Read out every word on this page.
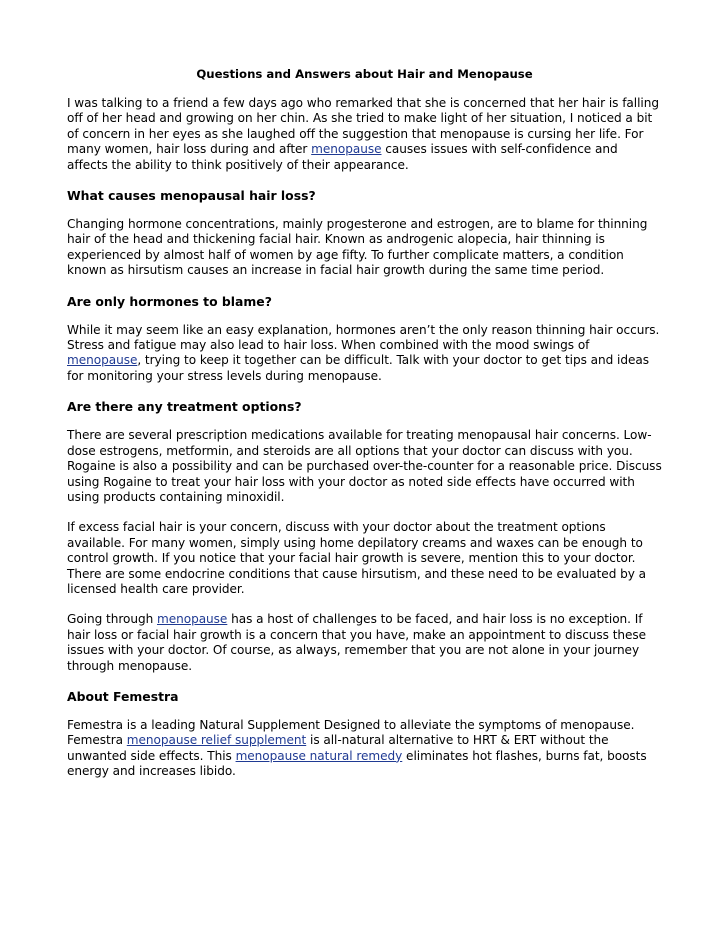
Questions and Answers about Hair and Menopause

I was talking to a friend a few days ago who remarked that she is concerned that her hair is falling off of her head and growing on her chin. As she tried to make light of her situation, I noticed a bit of concern in her eyes as she laughed off the suggestion that menopause is cursing her life. For many women, hair loss during and after menopause causes issues with self-confidence and affects the ability to think positively of their appearance.

What causes menopausal hair loss?

Changing hormone concentrations, mainly progesterone and estrogen, are to blame for thinning hair of the head and thickening facial hair. Known as androgenic alopecia, hair thinning is experienced by almost half of women by age fifty. To further complicate matters, a condition known as hirsutism causes an increase in facial hair growth during the same time period.

Are only hormones to blame?

While it may seem like an easy explanation, hormones aren’t the only reason thinning hair occurs. Stress and fatigue may also lead to hair loss. When combined with the mood swings of menopause, trying to keep it together can be difficult. Talk with your doctor to get tips and ideas for monitoring your stress levels during menopause.

Are there any treatment options?

There are several prescription medications available for treating menopausal hair concerns. Low-dose estrogens, metformin, and steroids are all options that your doctor can discuss with you. Rogaine is also a possibility and can be purchased over-the-counter for a reasonable price. Discuss using Rogaine to treat your hair loss with your doctor as noted side effects have occurred with using products containing minoxidil.

If excess facial hair is your concern, discuss with your doctor about the treatment options available. For many women, simply using home depilatory creams and waxes can be enough to control growth. If you notice that your facial hair growth is severe, mention this to your doctor. There are some endocrine conditions that cause hirsutism, and these need to be evaluated by a licensed health care provider.

Going through menopause has a host of challenges to be faced, and hair loss is no exception. If hair loss or facial hair growth is a concern that you have, make an appointment to discuss these issues with your doctor. Of course, as always, remember that you are not alone in your journey through menopause.

About Femestra

Femestra is a leading Natural Supplement Designed to alleviate the symptoms of menopause. Femestra menopause relief supplement is all-natural alternative to HRT & ERT without the unwanted side effects. This menopause natural remedy eliminates hot flashes, burns fat, boosts energy and increases libido.
